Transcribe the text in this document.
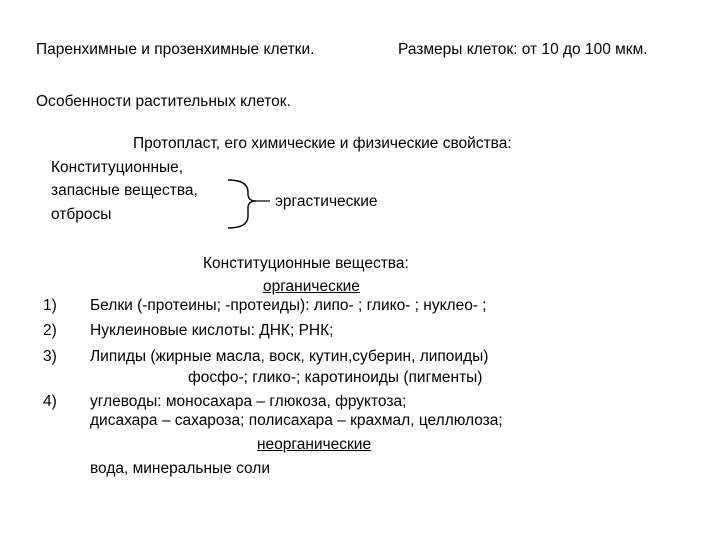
Паренхимные и прозенхимные клетки.	Размеры клеток: от 10 до 100 мкм.
Особенности растительных клеток.
Протопласт, его химические и физические свойства:
Конституционные,
запасные вещества,
отбросы
эргастические
Конституционные вещества:
органические
1) Белки (-протеины; -протеиды): липо- ; глико- ; нуклео- ;
2) Нуклеиновые кислоты: ДНК; РНК;
3) Липиды (жирные масла, воск, кутин,суберин, липоиды)
фосфо-; глико-; каротиноиды (пигменты)
4) углеводы: моносахара – глюкоза, фруктоза;
дисахара – сахароза; полисахара – крахмал, целлюлоза;
неорганические
вода, минеральные соли
